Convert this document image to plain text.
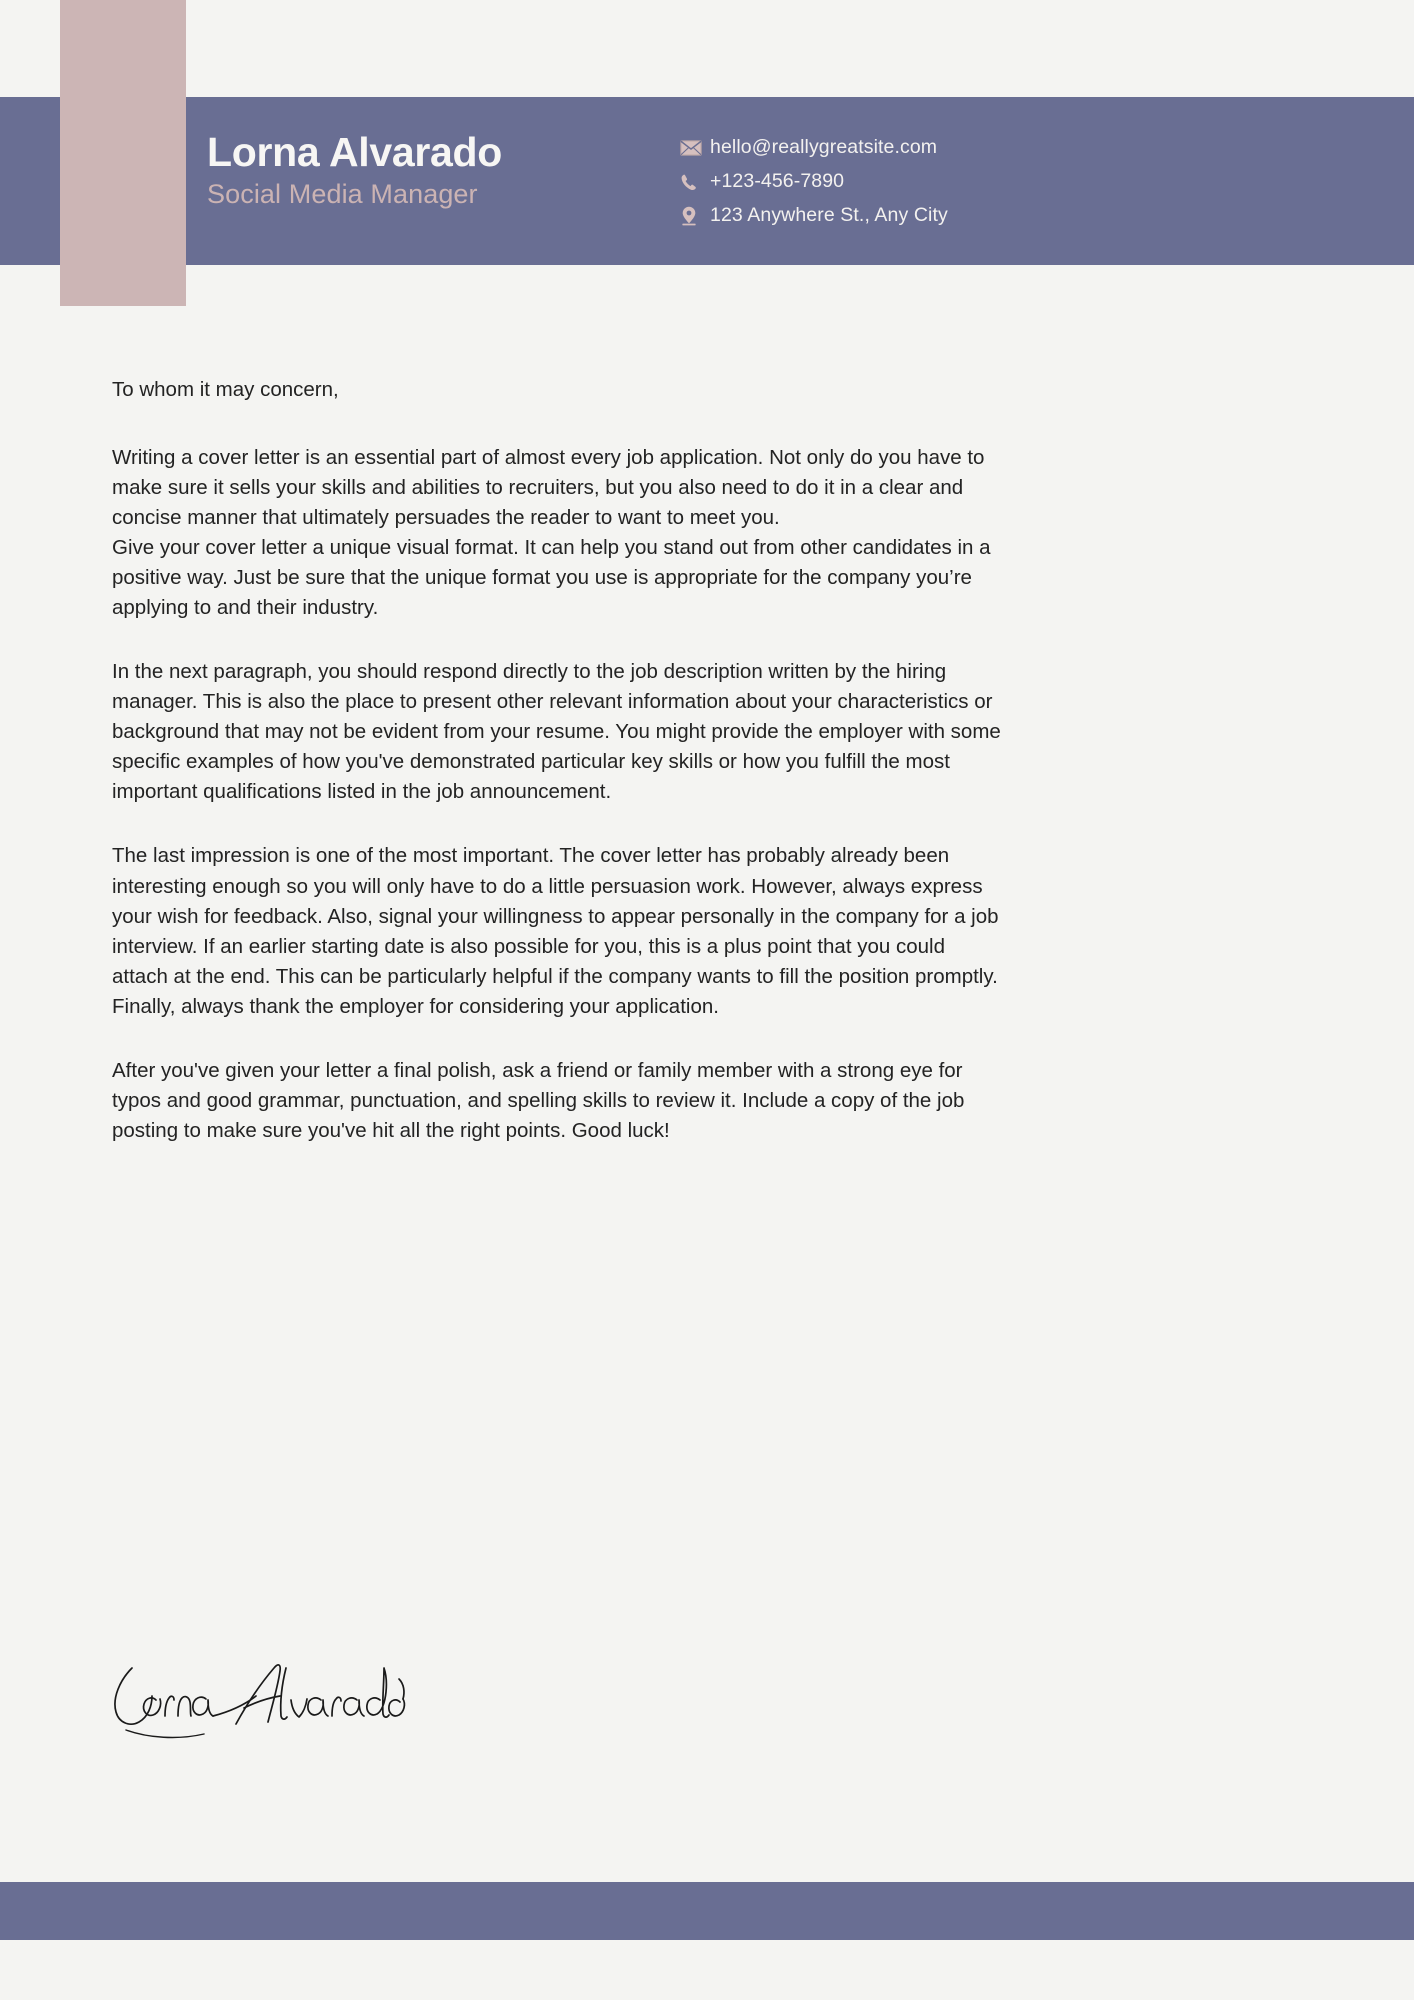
Lorna Alvarado
Social Media Manager
hello@reallygreatsite.com
+123-456-7890
123 Anywhere St., Any City

To whom it may concern,

Writing a cover letter is an essential part of almost every job application. Not only do you have to make sure it sells your skills and abilities to recruiters, but you also need to do it in a clear and concise manner that ultimately persuades the reader to want to meet you.

Give your cover letter a unique visual format. It can help you stand out from other candidates in a positive way. Just be sure that the unique format you use is appropriate for the company you’re applying to and their industry.

In the next paragraph, you should respond directly to the job description written by the hiring manager. This is also the place to present other relevant information about your characteristics or background that may not be evident from your resume. You might provide the employer with some specific examples of how you've demonstrated particular key skills or how you fulfill the most important qualifications listed in the job announcement.

The last impression is one of the most important. The cover letter has probably already been interesting enough so you will only have to do a little persuasion work. However, always express your wish for feedback. Also, signal your willingness to appear personally in the company for a job interview. If an earlier starting date is also possible for you, this is a plus point that you could attach at the end. This can be particularly helpful if the company wants to fill the position promptly.

Finally, always thank the employer for considering your application.

After you've given your letter a final polish, ask a friend or family member with a strong eye for typos and good grammar, punctuation, and spelling skills to review it. Include a copy of the job posting to make sure you've hit all the right points. Good luck!
